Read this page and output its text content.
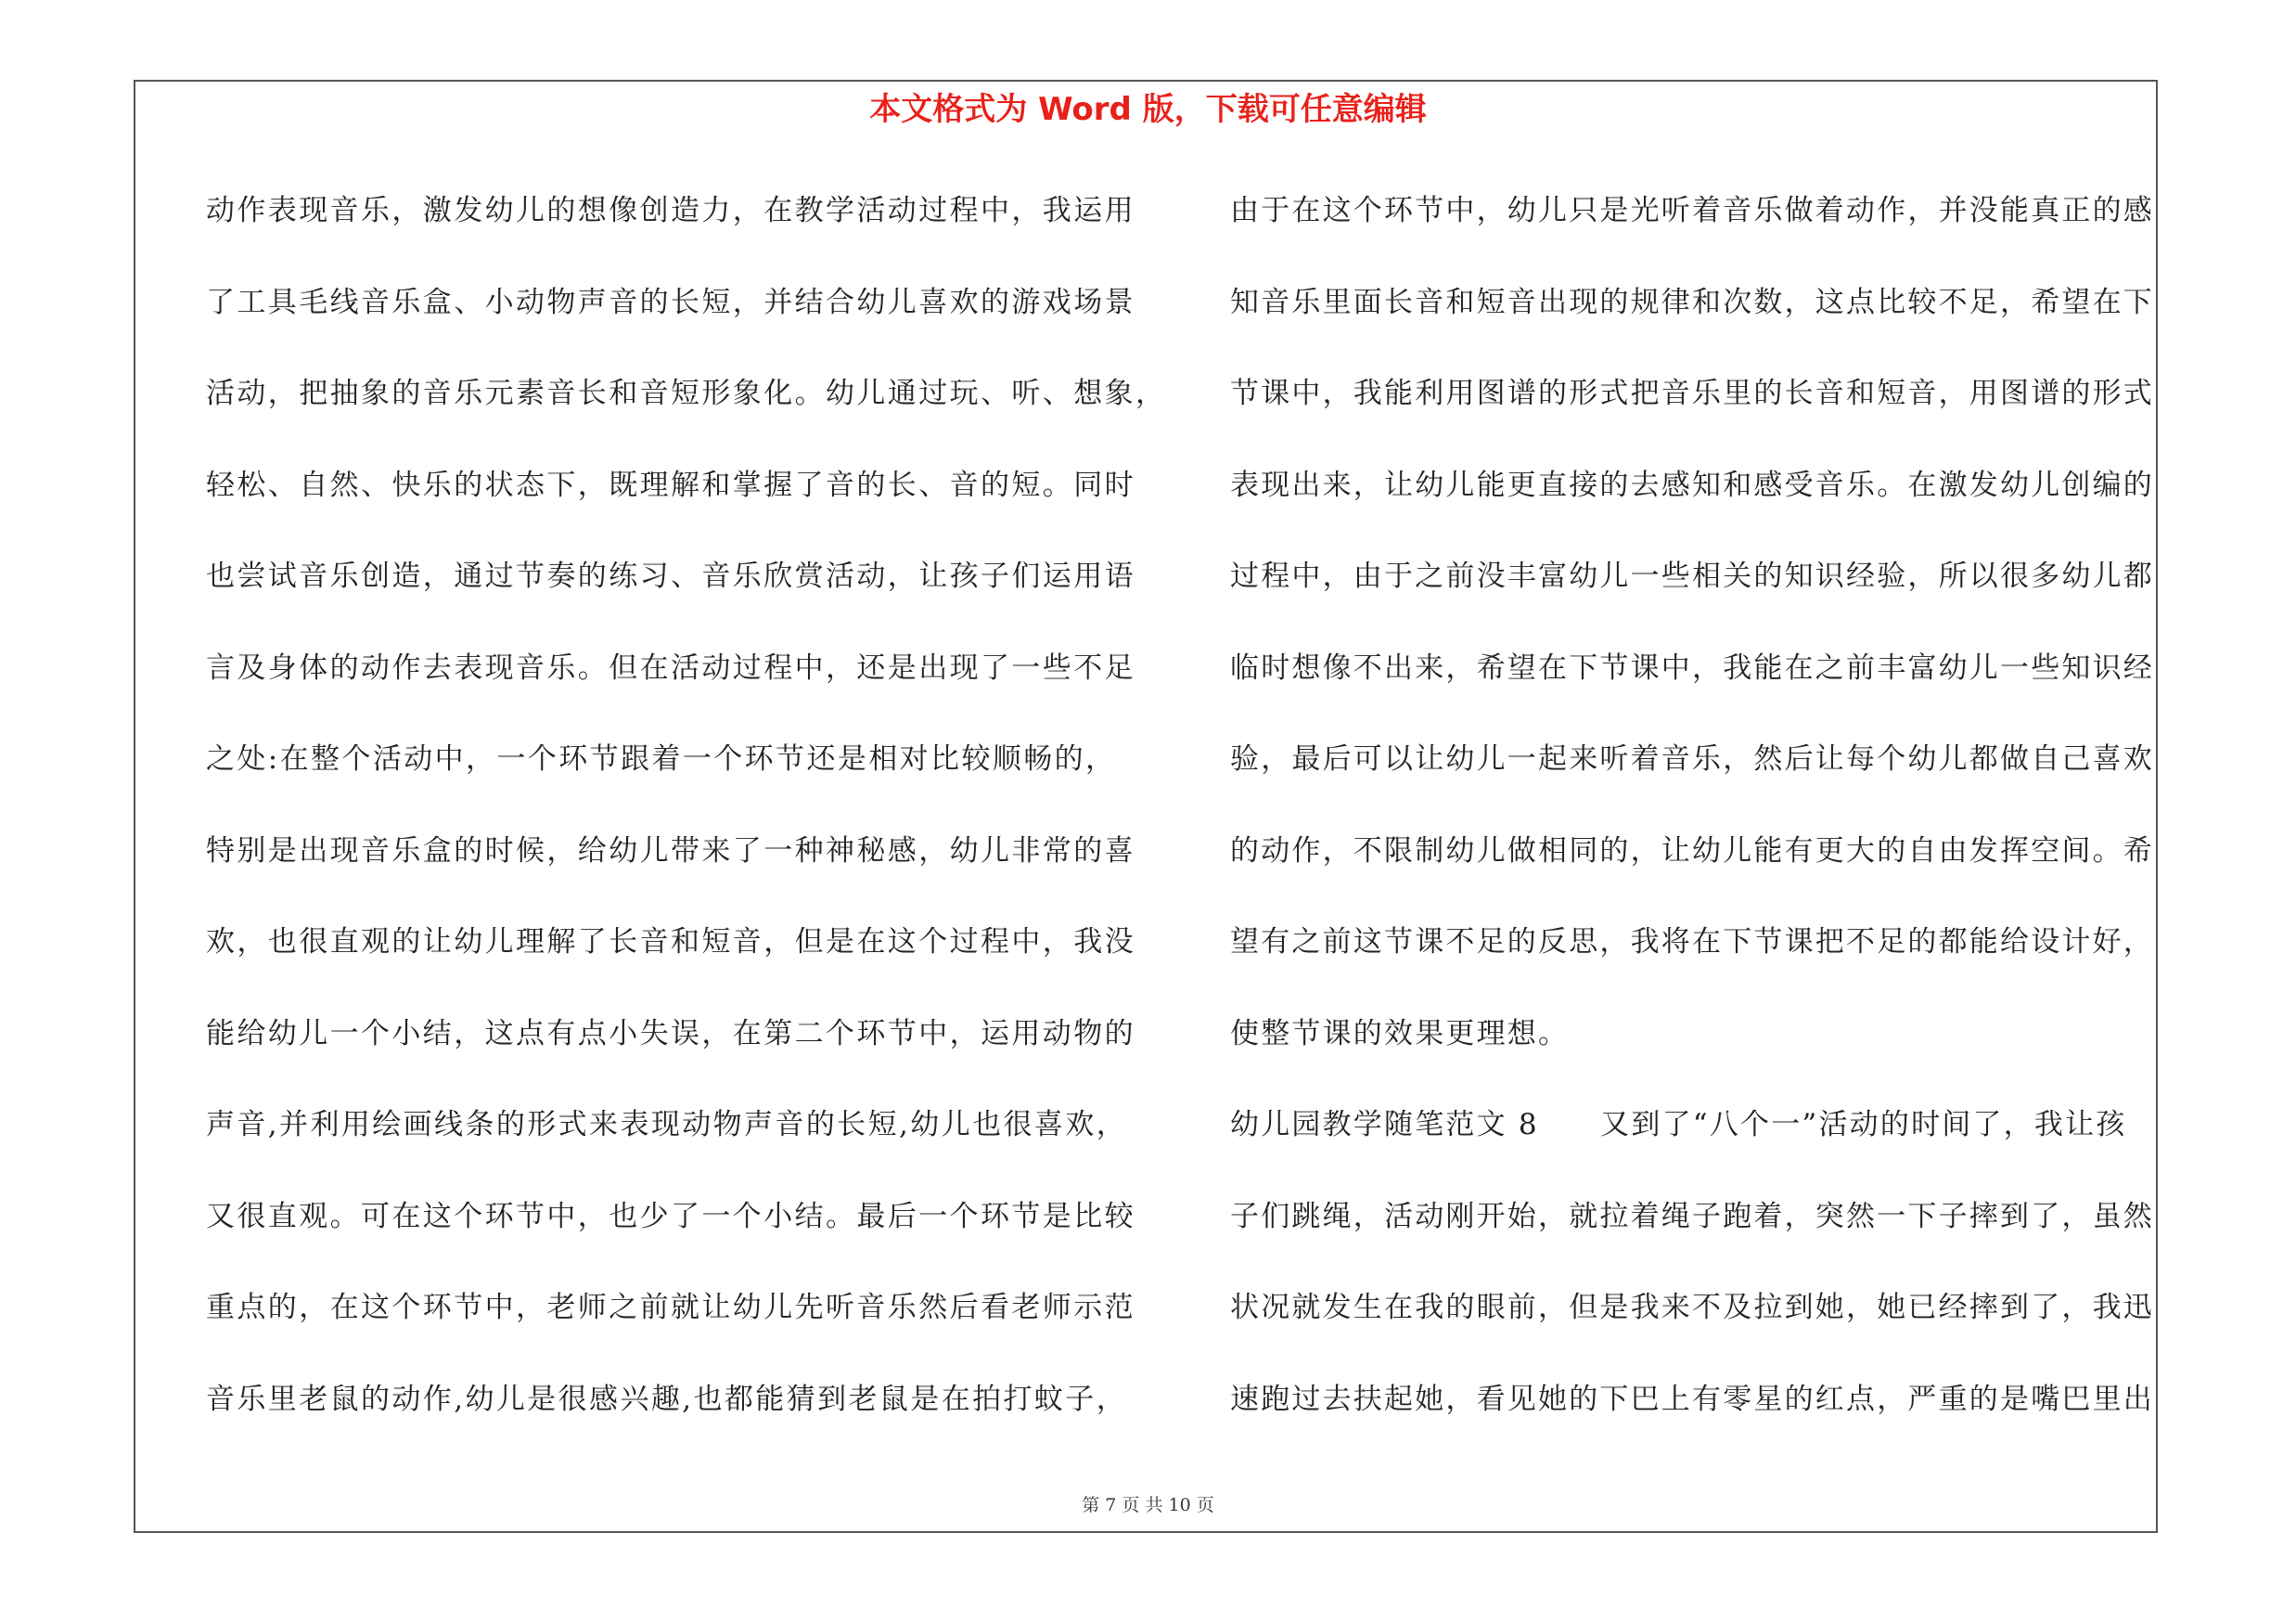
本文格式为 Word 版，下载可任意编辑
动作表现音乐，激发幼儿的想像创造力，在教学活动过程中，我运用
了工具毛线音乐盒、小动物声音的长短，并结合幼儿喜欢的游戏场景
活动，把抽象的音乐元素音长和音短形象化。幼儿通过玩、听、想象，
轻松、自然、快乐的状态下，既理解和掌握了音的长、音的短。同时
也尝试音乐创造，通过节奏的练习、音乐欣赏活动，让孩子们运用语
言及身体的动作去表现音乐。但在活动过程中，还是出现了一些不足
之处:在整个活动中，一个环节跟着一个环节还是相对比较顺畅的，
特别是出现音乐盒的时候，给幼儿带来了一种神秘感，幼儿非常的喜
欢，也很直观的让幼儿理解了长音和短音，但是在这个过程中，我没
能给幼儿一个小结，这点有点小失误，在第二个环节中，运用动物的
声音,并利用绘画线条的形式来表现动物声音的长短,幼儿也很喜欢，
又很直观。可在这个环节中，也少了一个小结。最后一个环节是比较
重点的，在这个环节中，老师之前就让幼儿先听音乐然后看老师示范
音乐里老鼠的动作,幼儿是很感兴趣,也都能猜到老鼠是在拍打蚊子，
由于在这个环节中，幼儿只是光听着音乐做着动作，并没能真正的感
知音乐里面长音和短音出现的规律和次数，这点比较不足，希望在下
节课中，我能利用图谱的形式把音乐里的长音和短音，用图谱的形式
表现出来，让幼儿能更直接的去感知和感受音乐。在激发幼儿创编的
过程中，由于之前没丰富幼儿一些相关的知识经验，所以很多幼儿都
临时想像不出来，希望在下节课中，我能在之前丰富幼儿一些知识经
验，最后可以让幼儿一起来听着音乐，然后让每个幼儿都做自己喜欢
的动作，不限制幼儿做相同的，让幼儿能有更大的自由发挥空间。希
望有之前这节课不足的反思，我将在下节课把不足的都能给设计好，
使整节课的效果更理想。
幼儿园教学随笔范文 8　　又到了“八个一”活动的时间了，我让孩
子们跳绳，活动刚开始，就拉着绳子跑着，突然一下子摔到了，虽然
状况就发生在我的眼前，但是我来不及拉到她，她已经摔到了，我迅
速跑过去扶起她，看见她的下巴上有零星的红点，严重的是嘴巴里出
第 7 页 共 10 页
